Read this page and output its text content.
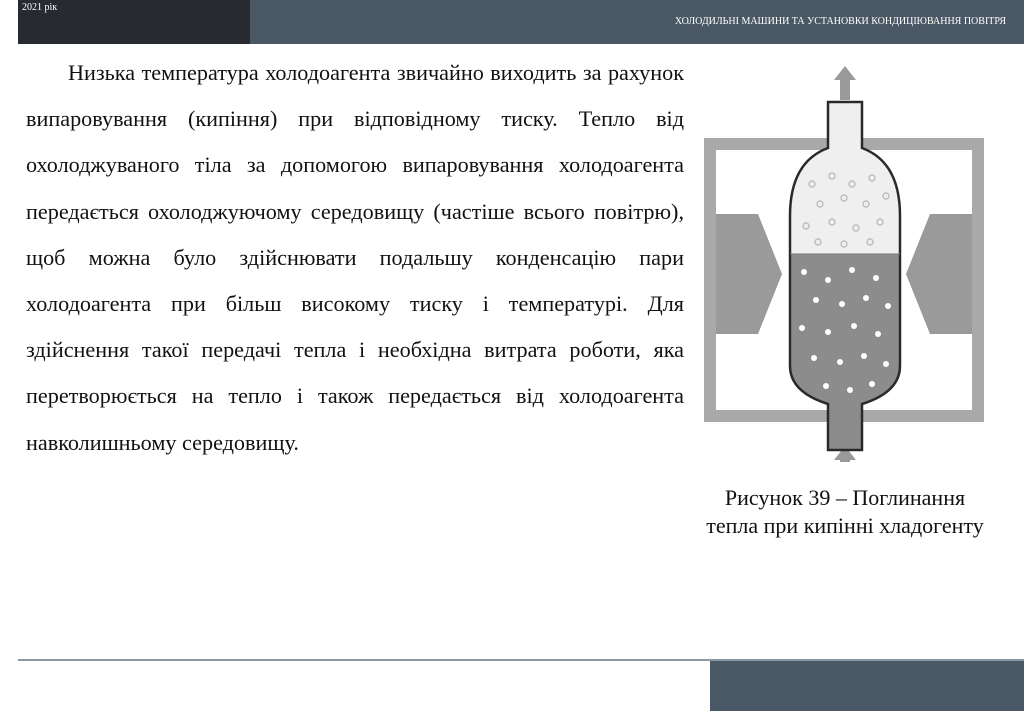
2021 рік
ХОЛОДИЛЬНІ МАШИНИ ТА УСТАНОВКИ КОНДИЦІЮВАННЯ ПОВІТРЯ

Низька температура холодоагента звичайно виходить за рахунок випаровування (кипіння) при відповідному тиску. Тепло від охолоджуваного тіла за допомогою випаровування холодоагента передається охолоджуючому середовищу (частіше всього повітрю), щоб можна було здійснювати подальшу конденсацію пари холодоагента при більш високому тиску і температурі. Для здійснення такої передачі тепла і необхідна витрата роботи, яка перетворюється на тепло і також передається від холодоагента навколишньому середовищу.

Рисунок 39 – Поглинання тепла при кипінні хладогенту
